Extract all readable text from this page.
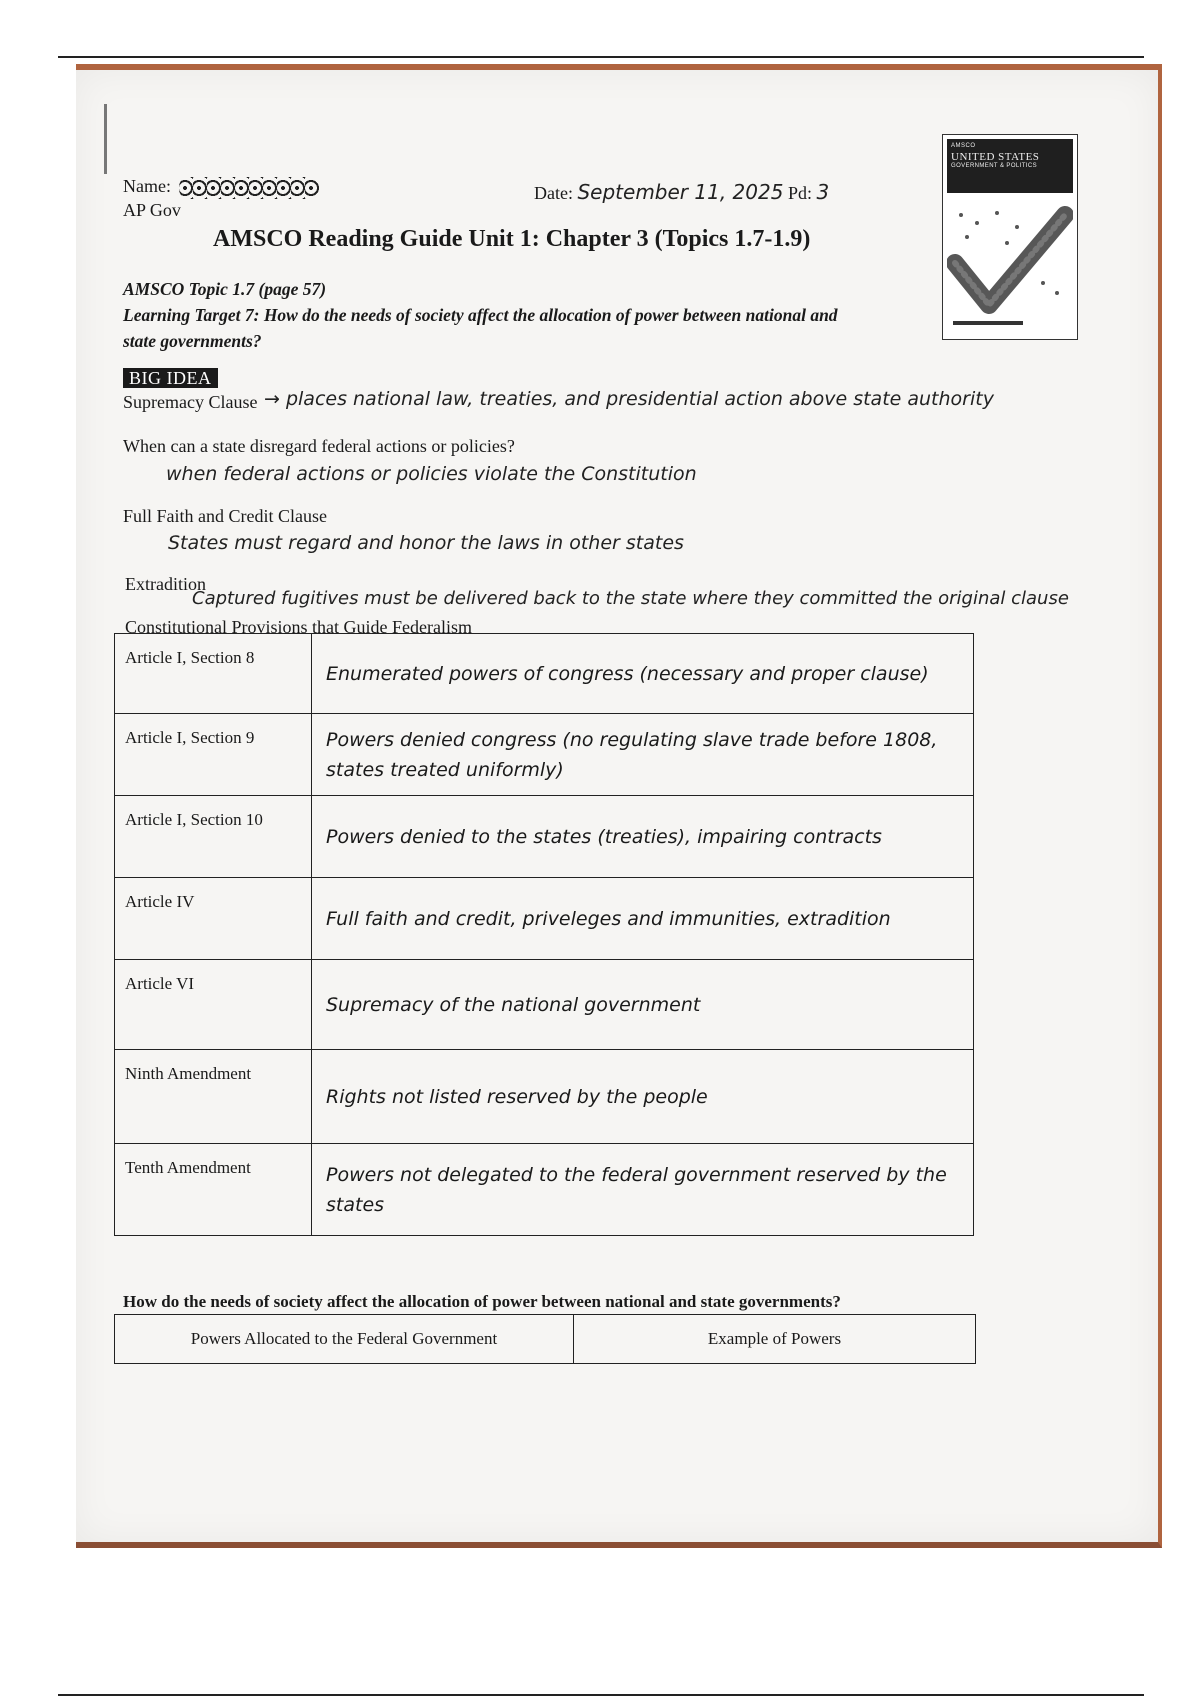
AMSCO
UNITED STATES
GOVERNMENT & POLITICS
Name:
AP Gov
Date: September 11, 2025 Pd: 3
AMSCO Reading Guide Unit 1: Chapter 3 (Topics 1.7-1.9)
AMSCO Topic 1.7 (page 57)
Learning Target 7: How do the needs of society affect the allocation of power between national and state governments?
BIG IDEA
Supremacy Clause → places national law, treaties, and presidential action above state authority
When can a state disregard federal actions or policies?
when federal actions or policies violate the Constitution
Full Faith and Credit Clause
States must regard and honor the laws in other states
Extradition
Captured fugitives must be delivered back to the state where they committed the original clause
Constitutional Provisions that Guide Federalism
Article I, Section 8	Enumerated powers of congress (necessary and proper clause)

Article I, Section 9	Powers denied congress (no regulating slave trade before 1808, states treated uniformly)

Article I, Section 10	Powers denied to the states (treaties), impairing contracts

Article IV	Full faith and credit, priveleges and immunities, extradition

Article VI	Supremacy of the national government

Ninth Amendment	Rights not listed reserved by the people

Tenth Amendment	Powers not delegated to the federal government reserved by the states
How do the needs of society affect the allocation of power between national and state governments?
Powers Allocated to the Federal Government	Example of Powers
